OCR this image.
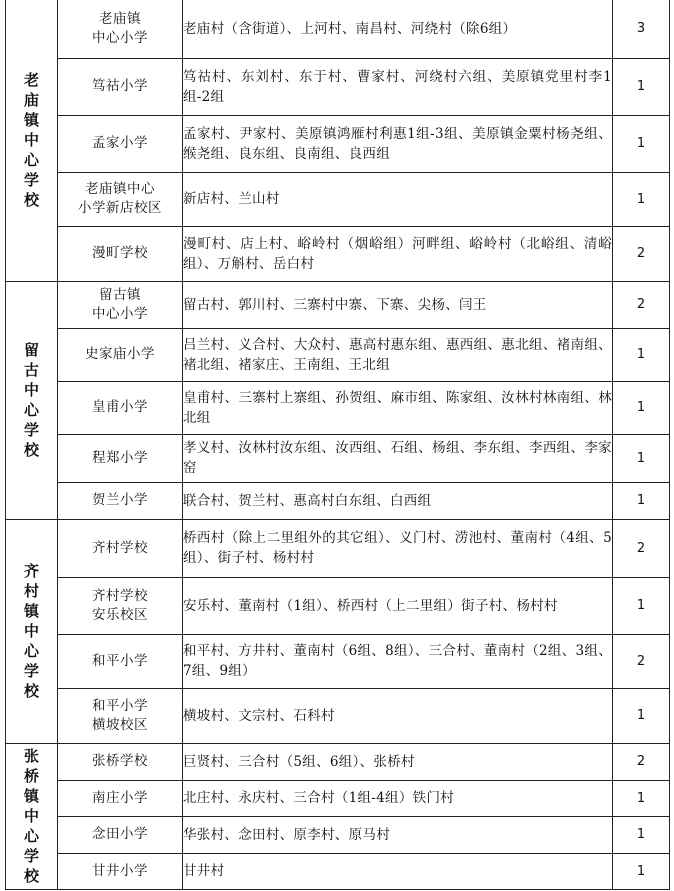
老庙镇中心学校	老庙镇
中心小学	老庙村（含街道）、上河村、南昌村、河绕村（除6组）	3

	笃祜小学	笃祜村、东刘村、东于村、曹家村、河绕村六组、美原镇党里村李1组-2组	1

	孟家小学	孟家村、尹家村、美原镇鸿雁村利惠1组-3组、美原镇金粟村杨尧组、缑尧组、良东组、良南组、良西组	1

	老庙镇中心
小学新店校区	新店村、兰山村	1

	漫町学校	漫町村、店上村、峪岭村（烟峪组）河畔组、峪岭村（北峪组、清峪组）、万斛村、岳白村	2
留古中心学校	留古镇
中心小学	留古村、郭川村、三寨村中寨、下寨、尖杨、闫王	2

	史家庙小学	吕兰村、义合村、大众村、惠高村惠东组、惠西组、惠北组、褚南组、褚北组、褚家庄、王南组、王北组	1

	皇甫小学	皇甫村、三寨村上寨组、孙贺组、麻市组、陈家组、汝林村林南组、林北组	1

	程郑小学	孝义村、汝林村汝东组、汝西组、石组、杨组、李东组、李西组、李家窑	1

	贺兰小学	联合村、贺兰村、惠高村白东组、白西组	1
齐村镇中心学校	齐村学校	桥西村（除上二里组外的其它组）、义门村、涝池村、董南村（4组、5组）、街子村、杨村村	2

	齐村学校
安乐校区	安乐村、董南村（1组）、桥西村（上二里组）街子村、杨村村	1

	和平小学	和平村、方井村、董南村（6组、8组）、三合村、董南村（2组、3组、7组、9组）	2

	和平小学
横坡校区	横坡村、文宗村、石科村	1
张桥镇中心学校	张桥学校	巨贤村、三合村（5组、6组）、张桥村	2

	南庄小学	北庄村、永庆村、三合村（1组-4组）铁门村	1

	念田小学	华张村、念田村、原李村、原马村	1

	甘井小学	甘井村	1
